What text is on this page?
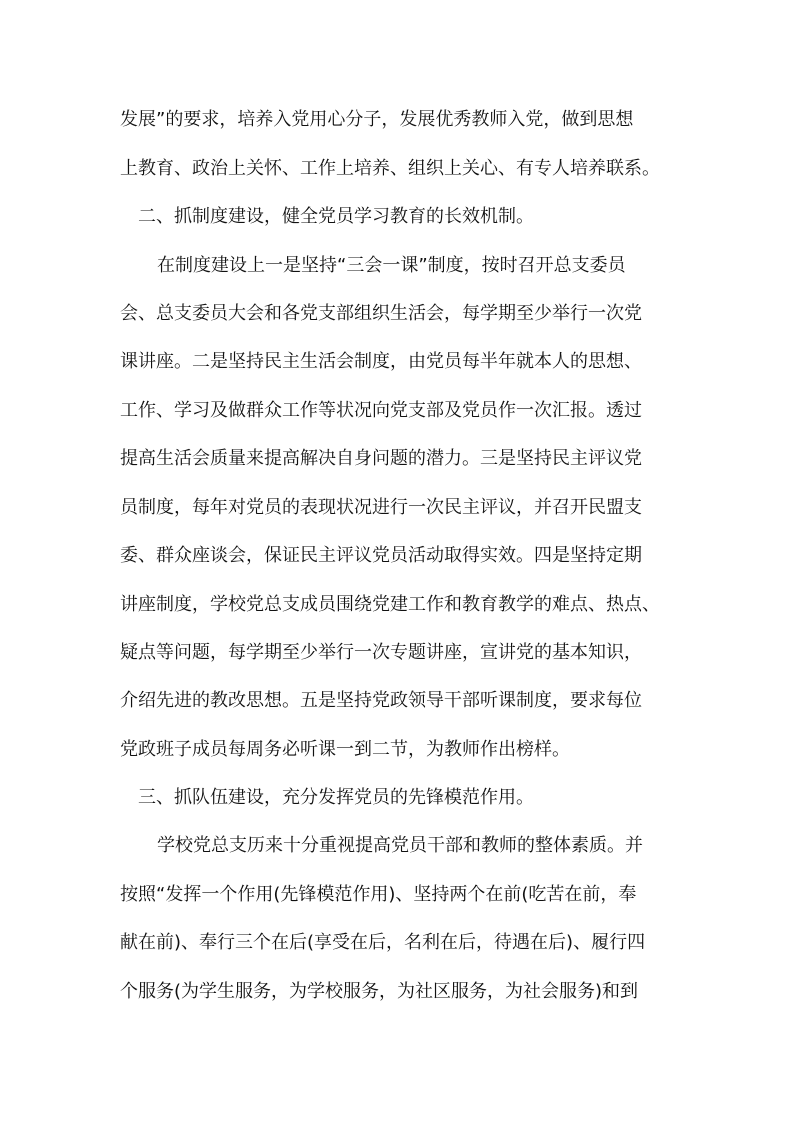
发展”的要求，培养入党用心分子，发展优秀教师入党，做到思想
上教育、政治上关怀、工作上培养、组织上关心、有专人培养联系。
二、抓制度建设，健全党员学习教育的长效机制。
在制度建设上一是坚持“三会一课”制度，按时召开总支委员
会、总支委员大会和各党支部组织生活会，每学期至少举行一次党
课讲座。二是坚持民主生活会制度，由党员每半年就本人的思想、
工作、学习及做群众工作等状况向党支部及党员作一次汇报。透过
提高生活会质量来提高解决自身问题的潜力。三是坚持民主评议党
员制度，每年对党员的表现状况进行一次民主评议，并召开民盟支
委、群众座谈会，保证民主评议党员活动取得实效。四是坚持定期
讲座制度，学校党总支成员围绕党建工作和教育教学的难点、热点、
疑点等问题，每学期至少举行一次专题讲座，宣讲党的基本知识，
介绍先进的教改思想。五是坚持党政领导干部听课制度，要求每位
党政班子成员每周务必听课一到二节，为教师作出榜样。
三、抓队伍建设，充分发挥党员的先锋模范作用。
学校党总支历来十分重视提高党员干部和教师的整体素质。并
按照“发挥一个作用(先锋模范作用)、坚持两个在前(吃苦在前，奉
献在前)、奉行三个在后(享受在后，名利在后，待遇在后)、履行四
个服务(为学生服务，为学校服务，为社区服务，为社会服务)和到
